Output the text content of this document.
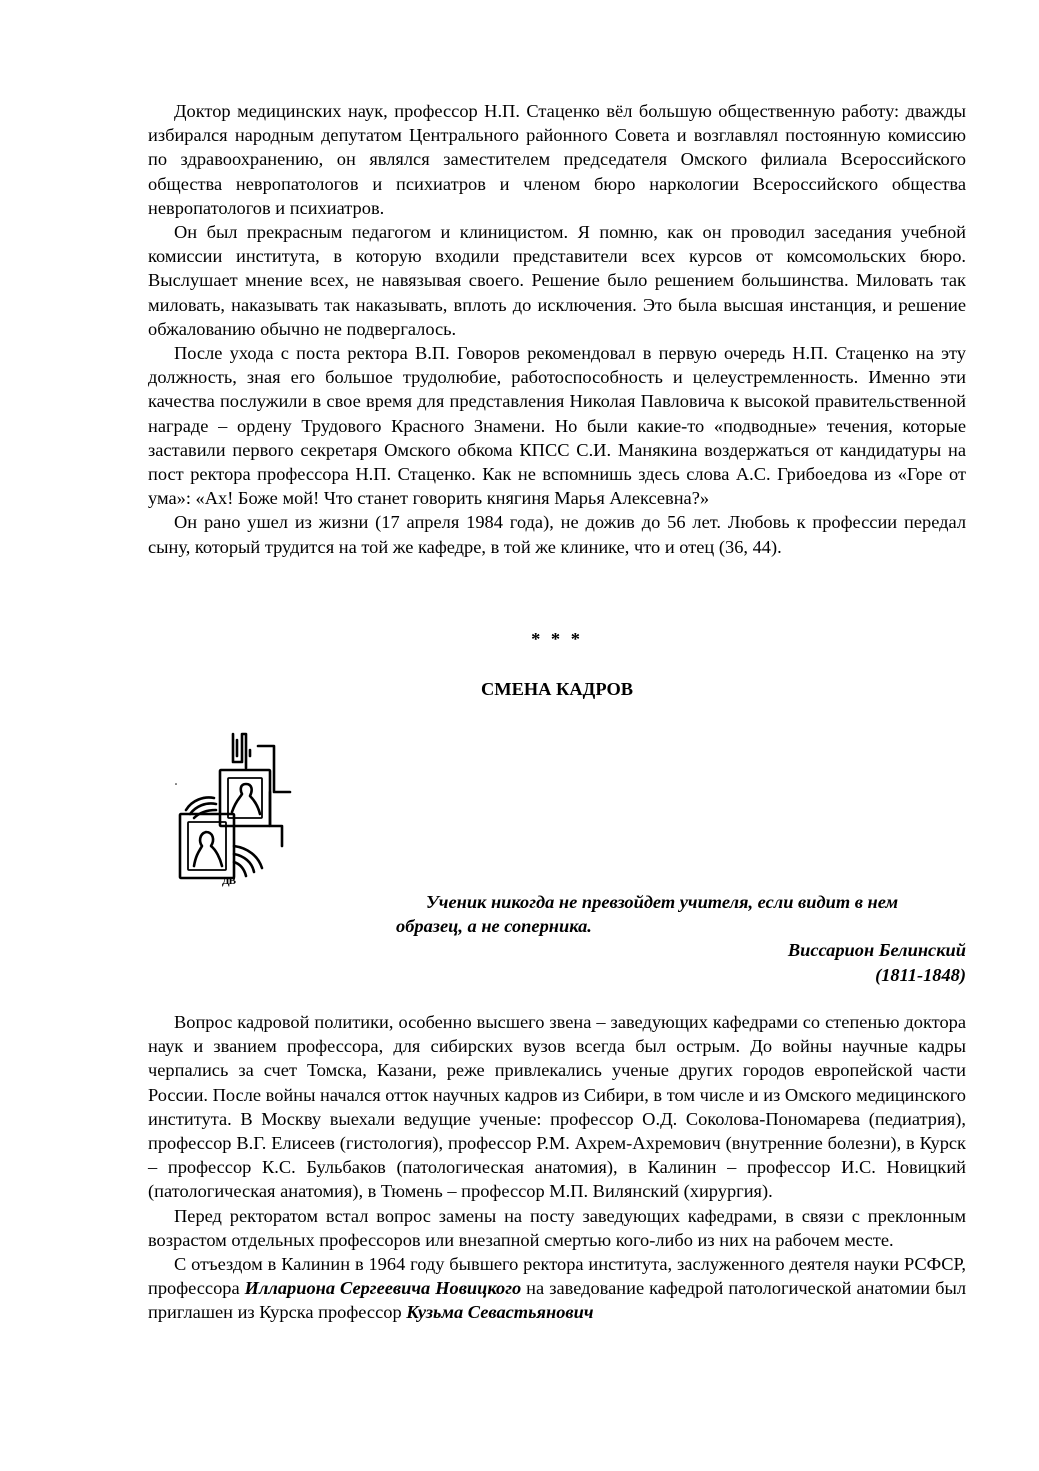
Доктор медицинских наук, профессор Н.П. Стаценко вёл большую общественную работу: дважды избирался народным депутатом Центрального районного Совета и возглавлял постоянную комиссию по здравоохранению, он являлся заместителем председателя Омского филиала Всероссийского общества невропатологов и психиатров и членом бюро наркологии Всероссийского общества невропатологов и психиатров.

Он был прекрасным педагогом и клиницистом. Я помню, как он проводил заседания учебной комиссии института, в которую входили представители всех курсов от комсомольских бюро. Выслушает мнение всех, не навязывая своего. Решение было решением большинства. Миловать так миловать, наказывать так наказывать, вплоть до исключения. Это была высшая инстанция, и решение обжалованию обычно не подвергалось.

После ухода с поста ректора В.П. Говоров рекомендовал в первую очередь Н.П. Стаценко на эту должность, зная его большое трудолюбие, работоспособность и целеустремленность. Именно эти качества послужили в свое время для представления Николая Павловича к высокой правительственной награде – ордену Трудового Красного Знамени. Но были какие-то «подводные» течения, которые заставили первого секретаря Омского обкома КПСС С.И. Манякина воздержаться от кандидатуры на пост ректора профессора Н.П. Стаценко. Как не вспомнишь здесь слова А.С. Грибоедова из «Горе от ума»: «Ах! Боже мой! Что станет говорить княгиня Марья Алексевна?»

Он рано ушел из жизни (17 апреля 1984 года), не дожив до 56 лет. Любовь к профессии передал сыну, который трудится на той же кафедре, в той же клинике, что и отец (36, 44).

* * *
СМЕНА КАДРОВ
ДВ

Ученик никогда не превзойдет учителя, если видит в нем образец, а не соперника.

Виссарион Белинский

(1811-1848)

Вопрос кадровой политики, особенно высшего звена – заведующих кафедрами со степенью доктора наук и званием профессора, для сибирских вузов всегда был острым. До войны научные кадры черпались за счет Томска, Казани, реже привлекались ученые других городов европейской части России. После войны начался отток научных кадров из Сибири, в том числе и из Омского медицинского института. В Москву выехали ведущие ученые: профессор О.Д. Соколова-Пономарева (педиатрия), профессор В.Г. Елисеев (гистология), профессор Р.М. Ахрем-Ахремович (внутренние болезни), в Курск – профессор К.С. Бульбаков (патологическая анатомия), в Калинин – профессор И.С. Новицкий (патологическая анатомия), в Тюмень – профессор М.П. Вилянский (хирургия).

Перед ректоратом встал вопрос замены на посту заведующих кафедрами, в связи с преклонным возрастом отдельных профессоров или внезапной смертью кого-либо из них на рабочем месте.

С отъездом в Калинин в 1964 году бывшего ректора института, заслуженного деятеля науки РСФСР, профессора Иллариона Сергеевича Новицкого на заведование кафедрой патологической анатомии был приглашен из Курска профессор Кузьма Севастьянович
